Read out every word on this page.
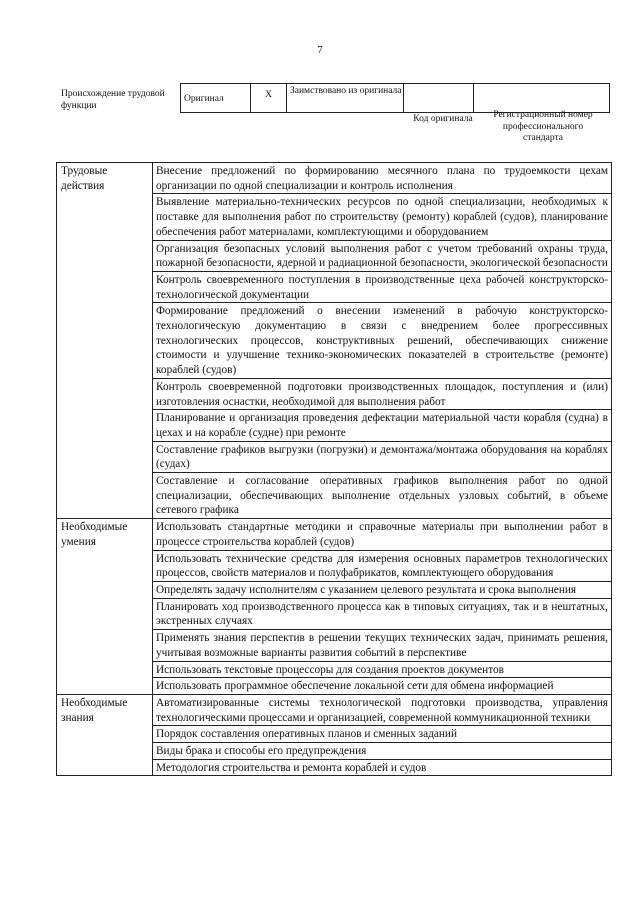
7
Происхождение трудовой функции
Оригинал	X	Заимствовано из оригинала
Код оригинала	Регистрационный номер профессионального стандарта
Трудовые действия	Внесение предложений по формированию месячного плана по трудоемкости цехам организации по одной специализации и контроль исполнения
	Выявление материально-технических ресурсов по одной специализации, необходимых к поставке для выполнения работ по строительству (ремонту) кораблей (судов), планирование обеспечения работ материалами, комплектующими и оборудованием
	Организация безопасных условий выполнения работ с учетом требований охраны труда, пожарной безопасности, ядерной и радиационной безопасности, экологической безопасности
	Контроль своевременного поступления в производственные цеха рабочей конструкторско-технологической документации
	Формирование предложений о внесении изменений в рабочую конструкторско-технологическую документацию в связи с внедрением более прогрессивных технологических процессов, конструктивных решений, обеспечивающих снижение стоимости и улучшение технико-экономических показателей в строительстве (ремонте) кораблей (судов)
	Контроль своевременной подготовки производственных площадок, поступления и (или) изготовления оснастки, необходимой для выполнения работ
	Планирование и организация проведения дефектации материальной части корабля (судна) в цехах и на корабле (судне) при ремонте
	Составление графиков выгрузки (погрузки) и демонтажа/монтажа оборудования на кораблях (судах)
	Составление и согласование оперативных графиков выполнения работ по одной специализации, обеспечивающих выполнение отдельных узловых событий, в объеме сетевого графика
Необходимые умения	Использовать стандартные методики и справочные материалы при выполнении работ в процессе строительства кораблей (судов)
	Использовать технические средства для измерения основных параметров технологических процессов, свойств материалов и полуфабрикатов, комплектующего оборудования
	Определять задачу исполнителям с указанием целевого результата и срока выполнения
	Планировать ход производственного процесса как в типовых ситуациях, так и в нештатных, экстренных случаях
	Применять знания перспектив в решении текущих технических задач, принимать решения, учитывая возможные варианты развития событий в перспективе
	Использовать текстовые процессоры для создания проектов документов
	Использовать программное обеспечение локальной сети для обмена информацией
Необходимые знания	Автоматизированные системы технологической подготовки производства, управления технологическими процессами и организацией, современной коммуникационной техники
	Порядок составления оперативных планов и сменных заданий
	Виды брака и способы его предупреждения
	Методология строительства и ремонта кораблей и судов
